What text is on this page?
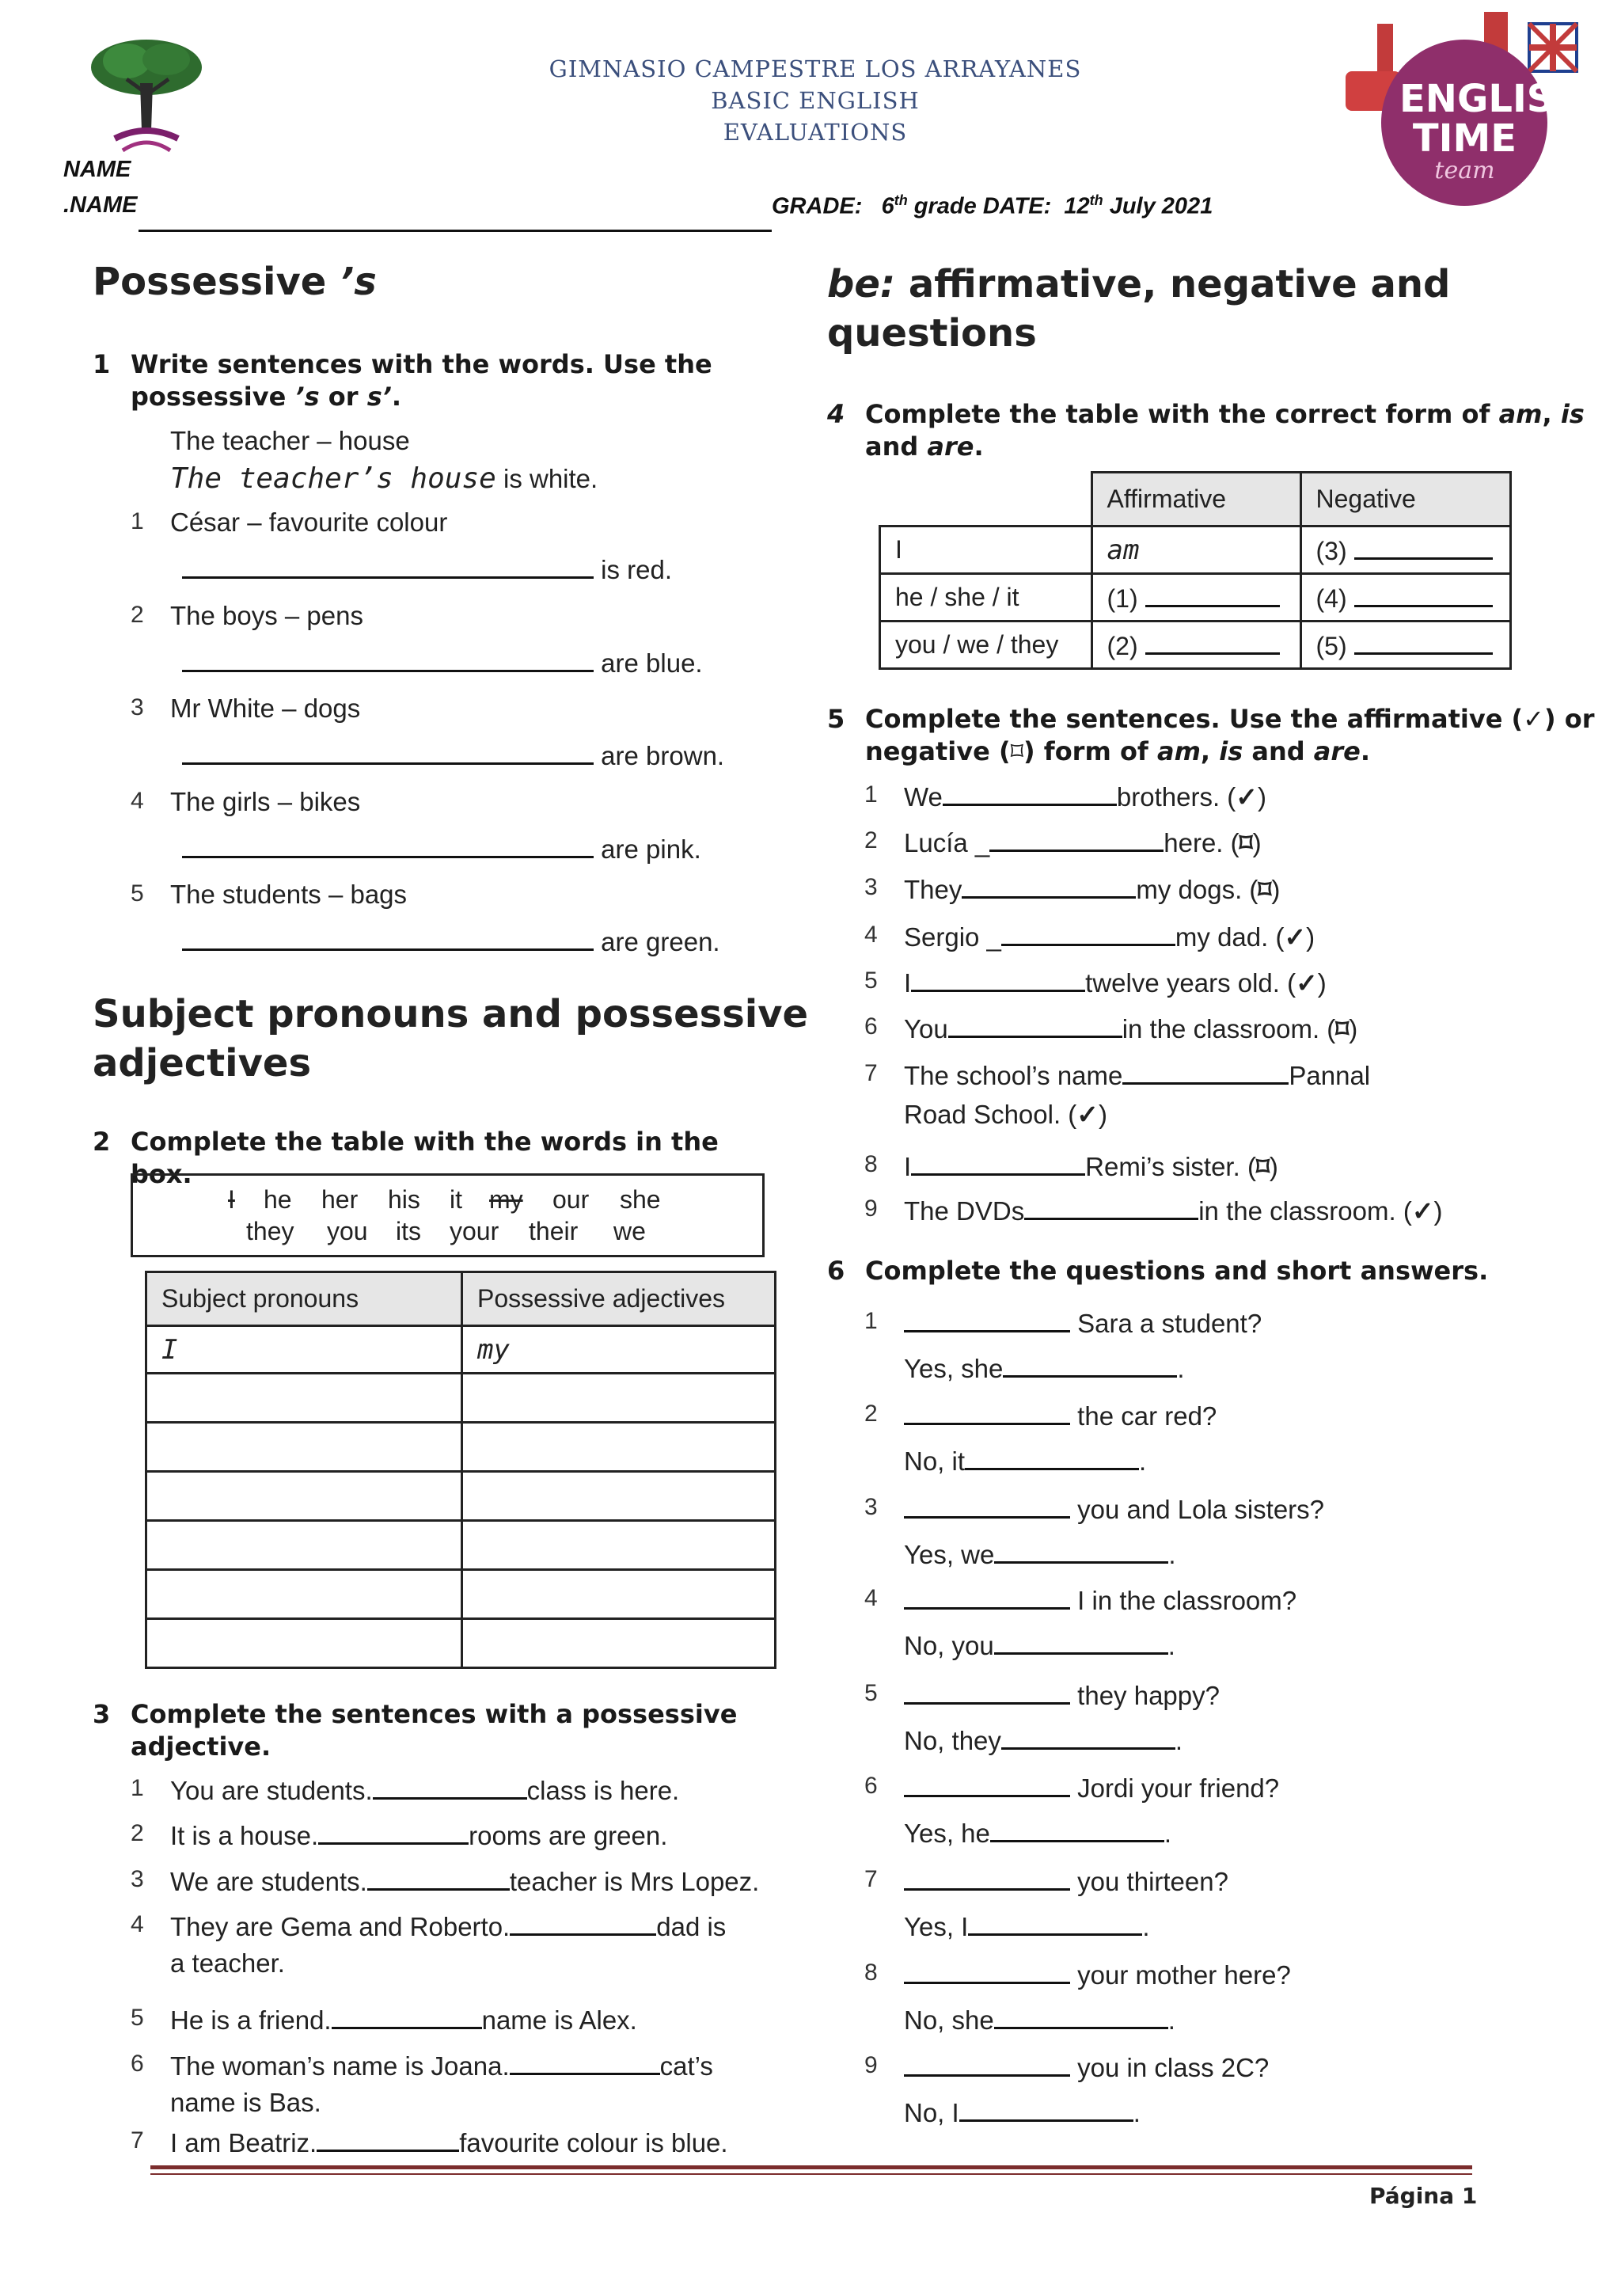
GIMNASIO CAMPESTRE LOS ARRAYANES
BASIC ENGLISH
EVALUATIONS
ENGLISH
TIME
team
NAME
.NAME	GRADE: 6th grade DATE: 12th July 2021
Possessive ’s
1 Write sentences with the words. Use the
possessive ’s or s’.
The teacher – house
The teacher’s house is white.
1 César – favourite colour
is red.
2 The boys – pens
are blue.
3 Mr White – dogs
are brown.
4 The girls – bikes
are pink.
5 The students – bags
are green.
Subject pronouns and possessive
adjectives
2 Complete the table with the words in the box.
I he her his it my our she
they you its your their we
Subject pronouns	Possessive adjectives
I	my

3 Complete the sentences with a possessive
adjective.
1 You are students.	class is here.
2 It is a house.	rooms are green.
3 We are students.	teacher is Mrs Lopez.
4 They are Gema and Roberto.	dad is
a teacher.
5 He is a friend.	name is Alex.
6 The woman’s name is Joana.	cat’s
name is Bas.
7 I am Beatriz.	favourite colour is blue.
be: affirmative, negative and
questions
4 Complete the table with the correct form of am, is
and are.
	Affirmative	Negative
I	am	(3)
he / she / it	(1)	(4)
you / we / they	(2)	(5)
5 Complete the sentences. Use the affirmative (✓) or
negative (⌑) form of am, is and are.
1 We	brothers. (✓)
2 Lucía _	here. (⌑)
3 They	my dogs. (⌑)
4 Sergio _	my dad. (✓)
5 I	twelve years old. (✓)
6 You	in the classroom. (⌑)
7 The school’s name	Pannal
Road School. (✓)
8 I	Remi’s sister. (⌑)
9 The DVDs	in the classroom. (✓)
6 Complete the questions and short answers.
1	Sara a student?
Yes, she	.
2	the car red?
No, it	.
3	you and Lola sisters?
Yes, we	.
4	I in the classroom?
No, you	.
5	they happy?
No, they	.
6	Jordi your friend?
Yes, he	.
7	you thirteen?
Yes, I	.
8	your mother here?
No, she	.
9	you in class 2C?
No, I	.
Página 1
